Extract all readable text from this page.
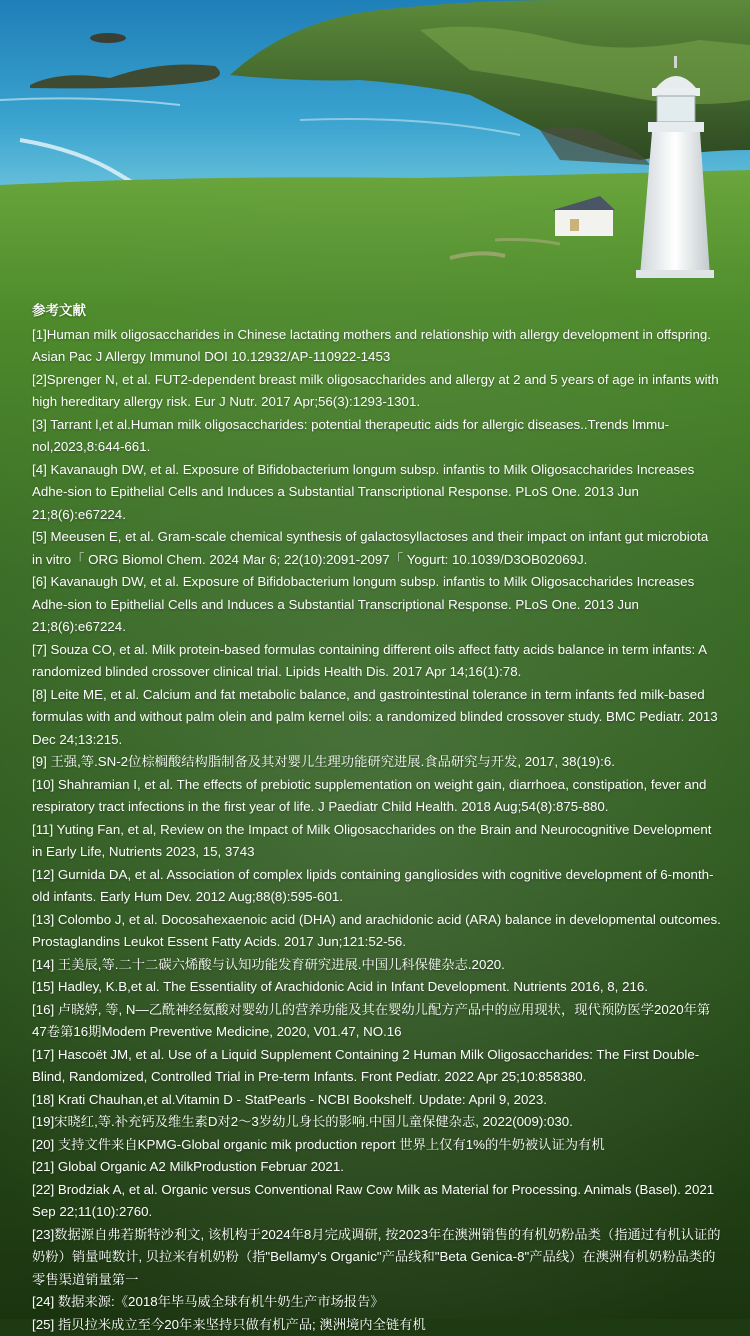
参考文献
[1]Human milk oligosaccharides in Chinese lactating mothers and relationship with allergy development in offspring. Asian Pac J Allergy Immunol DOI 10.12932/AP-110922-1453
[2]Sprenger N, et al. FUT2-dependent breast milk oligosaccharides and allergy at 2 and 5 years of age in infants with high hereditary allergy risk. Eur J Nutr. 2017 Apr;56(3):1293-1301.
[3] Tarrant l,et al.Human milk oligosaccharides: potential therapeutic aids for allergic diseases..Trends lmmu-nol,2023,8:644-661.
[4] Kavanaugh DW, et al. Exposure of Bifidobacterium longum subsp. infantis to Milk Oligosaccharides Increases Adhe-sion to Epithelial Cells and Induces a Substantial Transcriptional Response. PLoS One. 2013 Jun 21;8(6):e67224.
[5] Meeusen E, et al. Gram-scale chemical synthesis of galactosyllactoses and their impact on infant gut microbiota in vitro「 ORG Biomol Chem. 2024 Mar 6; 22(10):2091-2097「 Yogurt: 10.1039/D3OB02069J.
[6] Kavanaugh DW, et al. Exposure of Bifidobacterium longum subsp. infantis to Milk Oligosaccharides Increases Adhe-sion to Epithelial Cells and Induces a Substantial Transcriptional Response. PLoS One. 2013 Jun 21;8(6):e67224.
[7] Souza CO, et al. Milk protein-based formulas containing different oils affect fatty acids balance in term infants: A randomized blinded crossover clinical trial. Lipids Health Dis. 2017 Apr 14;16(1):78.
[8] Leite ME, et al. Calcium and fat metabolic balance, and gastrointestinal tolerance in term infants fed milk-based formulas with and without palm olein and palm kernel oils: a randomized blinded crossover study. BMC Pediatr. 2013 Dec 24;13:215.
[9] 王强,等.SN-2位棕榈酸结构脂制备及其对婴儿生理功能研究进展.食品研究与开发, 2017, 38(19):6.
[10] Shahramian I, et al. The effects of prebiotic supplementation on weight gain, diarrhoea, constipation, fever and respiratory tract infections in the first year of life. J Paediatr Child Health. 2018 Aug;54(8):875-880.
[11] Yuting Fan, et al, Review on the Impact of Milk Oligosaccharides on the Brain and Neurocognitive Development in Early Life, Nutrients 2023, 15, 3743
[12] Gurnida DA, et al. Association of complex lipids containing gangliosides with cognitive development of 6-month-old infants. Early Hum Dev. 2012 Aug;88(8):595-601.
[13] Colombo J, et al. Docosahexaenoic acid (DHA) and arachidonic acid (ARA) balance in developmental outcomes. Prostaglandins Leukot Essent Fatty Acids. 2017 Jun;121:52-56.
[14] 王美辰,等.二十二碳六烯酸与认知功能发育研究进展.中国儿科保健杂志.2020.
[15] Hadley, K.B,et al. The Essentiality of Arachidonic Acid in Infant Development. Nutrients 2016, 8, 216.
[16] 卢晓婷, 等, N—乙酰神经氨酸对婴幼儿的营养功能及其在婴幼儿配方产品中的应用现状，现代预防医学2020年第47卷第16期Modem Preventive Medicine, 2020, V01.47, NO.16
[17] Hascoët JM, et al. Use of a Liquid Supplement Containing 2 Human Milk Oligosaccharides: The First Double-Blind, Randomized, Controlled Trial in Pre-term Infants. Front Pediatr. 2022 Apr 25;10:858380.
[18] Krati Chauhan,et al.Vitamin D - StatPearls - NCBI Bookshelf. Update: April 9, 2023.
[19]宋晓红,等.补充钙及维生素D对2～3岁幼儿身长的影响.中国儿童保健杂志, 2022(009):030.
[20] 支持文件来自KPMG-Global organic mik production report 世界上仅有1%的牛奶被认证为有机
[21] Global Organic A2 MilkProdustion Februar 2021.
[22] Brodziak A, et al. Organic versus Conventional Raw Cow Milk as Material for Processing. Animals (Basel). 2021 Sep 22;11(10):2760.
[23]数据源自弗若斯特沙利文, 该机构于2024年8月完成调研, 按2023年在澳洲销售的有机奶粉品类（指通过有机认证的奶粉）销量吨数计, 贝拉米有机奶粉（指"Bellamy's Organic"产品线和"Beta Genica-8"产品线）在澳洲有机奶粉品类的零售渠道销量第一
[24] 数据来源:《2018年毕马威全球有机牛奶生产市场报告》
[25] 指贝拉米成立至今20年来坚持只做有机产品; 澳洲境内全链有机
